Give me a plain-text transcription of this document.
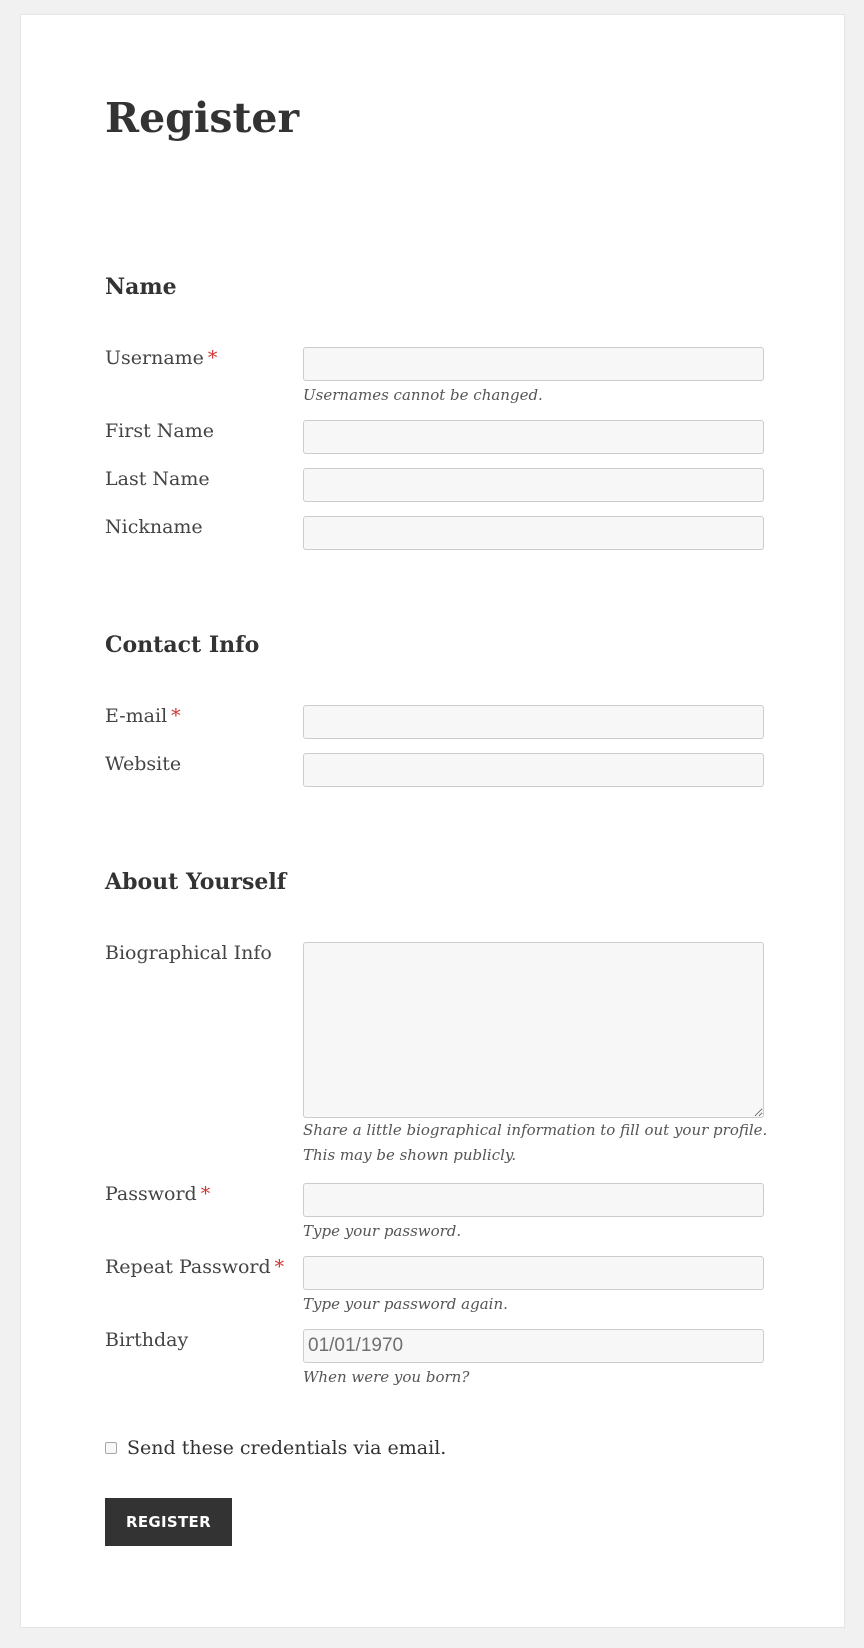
Register
Name
Username *
Usernames cannot be changed.
First Name
Last Name
Nickname
Contact Info
E-mail *
Website
About Yourself
Biographical Info
Share a little biographical information to fill out your profile.
This may be shown publicly.
Password *
Type your password.
Repeat Password *
Type your password again.
Birthday
01/01/1970
When were you born?
Send these credentials via email.
REGISTER
